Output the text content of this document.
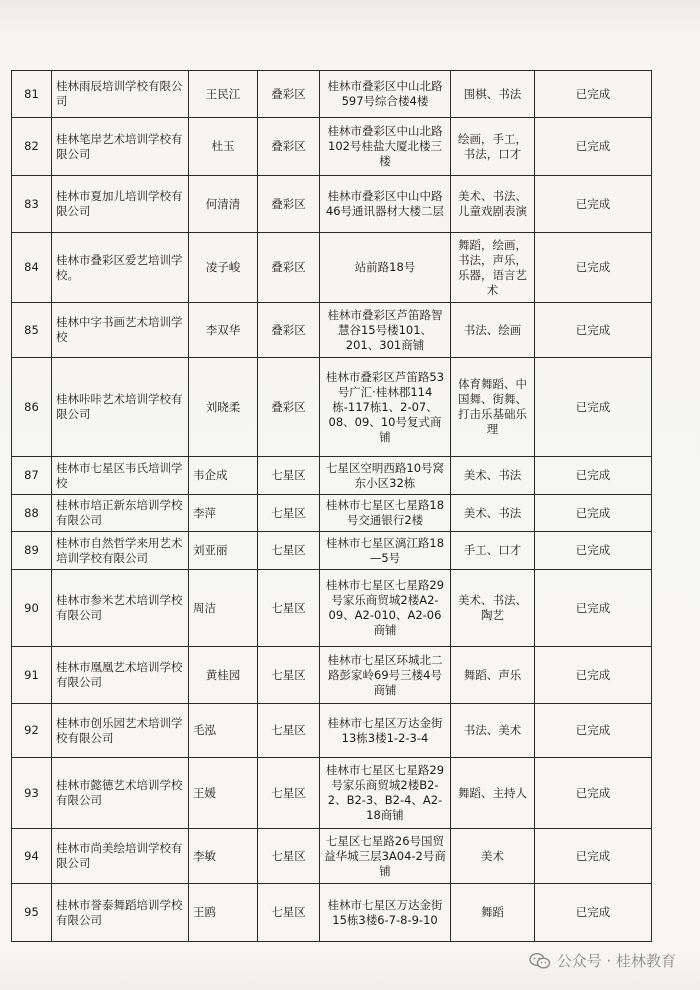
81	桂林雨辰培训学校有限公司	王民江	叠彩区	桂林市叠彩区中山北路597号综合楼4楼	围棋、书法	已完成
82	桂林笔岸艺术培训学校有限公司	杜玉	叠彩区	桂林市叠彩区中山北路102号桂盐大厦北楼三楼	绘画，手工，书法，口才	已完成
83	桂林市夏加儿培训学校有限公司	何清清	叠彩区	桂林市叠彩区中山中路46号通讯器材大楼二层	美术、书法、儿童戏剧表演	已完成
84	桂林市叠彩区爱艺培训学校。	凌子峻	叠彩区	站前路18号	舞蹈，绘画，书法，声乐，乐器，语言艺术	已完成
85	桂林中字书画艺术培训学校	李双华	叠彩区	桂林市叠彩区芦笛路智慧谷15号楼101、201、301商铺	书法、绘画	已完成
86	桂林咔咔艺术培训学校有限公司	刘晓柔	叠彩区	桂林市叠彩区芦笛路53号广汇·桂林郡114栋-117栋1、2-07、08、09、10号复式商铺	体育舞蹈、中国舞、街舞、打击乐基础乐理	已完成
87	桂林市七星区韦氏培训学校	韦企成	七星区	七星区空明西路10号窝东小区32栋	美术、书法	已完成
88	桂林市培正新东培训学校有限公司	李萍	七星区	桂林市七星区七星路18号交通银行2楼	美术、书法	已完成
89	桂林市自然哲学来用艺术培训学校有限公司	刘亚丽	七星区	桂林市七星区漓江路18—5号	手工、口才	已完成
90	桂林市参米艺术培训学校有限公司	周洁	七星区	桂林市七星区七星路29号家乐商贸城2楼A2-09、A2-010、A2-06商铺	美术、书法、陶艺	已完成
91	桂林市凰凰艺术培训学校有限公司	黄桂园	七星区	桂林市七星区环城北二路彭家岭69号三楼4号商铺	舞蹈、声乐	已完成
92	桂林市创乐园艺术培训学校有限公司	毛泓	七星区	桂林市七星区万达金街13栋3楼1-2-3-4	书法、美术	已完成
93	桂林市懿德艺术培训学校有限公司	王媛	七星区	桂林市七星区七星路29号家乐商贸城2楼B2-2、B2-3、B2-4、A2-18商铺	舞蹈、主持人	已完成
94	桂林市尚美绘培训学校有限公司	李敏	七星区	七星区七星路26号国贸益华城三层3A04-2号商铺	美术	已完成
95	桂林市誉泰舞蹈培训学校有限公司	王鸥	七星区	桂林市七星区万达金街15栋3楼6-7-8-9-10	舞蹈	已完成
公众号 · 桂林教育
